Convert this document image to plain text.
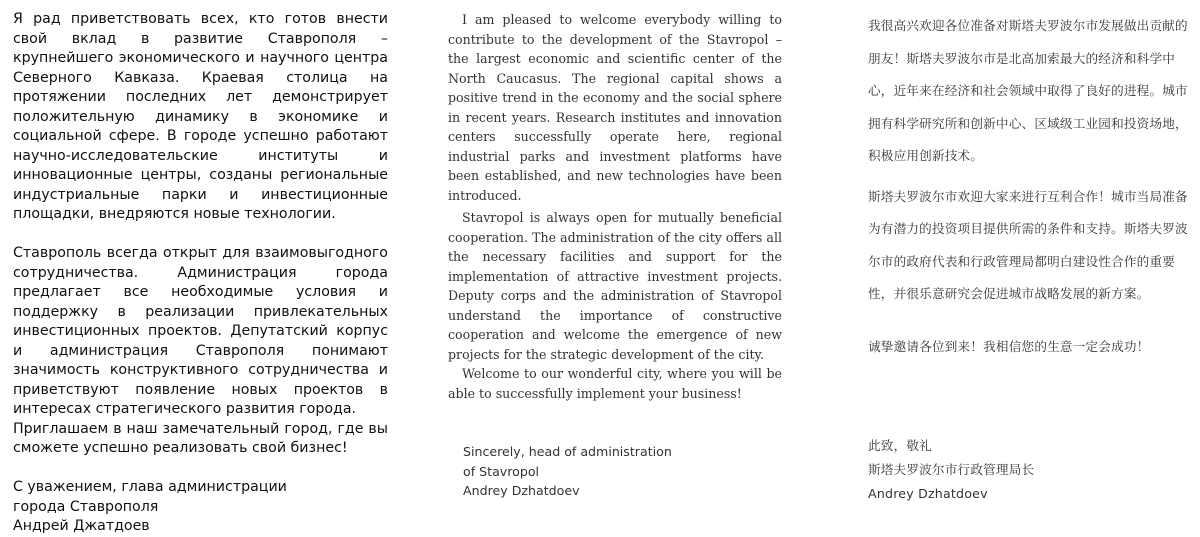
Я рад приветствовать всех, кто готов внести свой вклад в развитие Ставрополя – крупнейшего экономического и научного центра Северного Кавказа. Краевая столица на протяжении последних лет демонстрирует положительную динамику в экономике и социальной сфере. В городе успешно работают научно-исследовательские институты и инновационные центры, созданы региональные индустриальные парки и инвестиционные площадки, внедряются новые технологии.

Ставрополь всегда открыт для взаимовыгодного сотрудничества. Администрация города предлагает все необходимые условия и поддержку в реализации привлекательных инвестиционных проектов. Депутатский корпус и администрация Ставрополя понимают значимость конструктивного сотрудничества и приветствуют появление новых проектов в интересах стратегического развития города.

Приглашаем в наш замечательный город, где вы сможете успешно реализовать свой бизнес!

С уважением, глава администрации

города Ставрополя

Андрей Джатдоев

I am pleased to welcome everybody willing to contribute to the development of the Stavropol – the largest economic and scientific center of the North Caucasus. The regional capital shows a positive trend in the economy and the social sphere in recent years. Research institutes and innovation centers successfully operate here, regional industrial parks and investment platforms have been established, and new technologies have been introduced.

Stavropol is always open for mutually beneficial cooperation. The administration of the city offers all the necessary facilities and support for the implementation of attractive investment projects. Deputy corps and the administration of Stavropol understand the importance of constructive cooperation and welcome the emergence of new projects for the strategic development of the city.

Welcome to our wonderful city, where you will be able to successfully implement your business!

Sincerely, head of administration

of Stavropol

Andrey Dzhatdoev

我很高兴欢迎各位准备对斯塔夫罗波尔市发展做出贡献的朋友！斯塔夫罗波尔市是北高加索最大的经济和科学中心，近年来在经济和社会领域中取得了良好的进程。城市拥有科学研究所和创新中心、区域级工业园和投资场地，积极应用创新技术。

斯塔夫罗波尔市欢迎大家来进行互利合作！城市当局准备为有潜力的投资项目提供所需的条件和支持。斯塔夫罗波尔市的政府代表和行政管理局都明白建设性合作的重要性，并很乐意研究会促进城市战略发展的新方案。

诚挚邀请各位到来！我相信您的生意一定会成功！

此致，敬礼

斯塔夫罗波尔市行政管理局长

Andrey Dzhatdoev
